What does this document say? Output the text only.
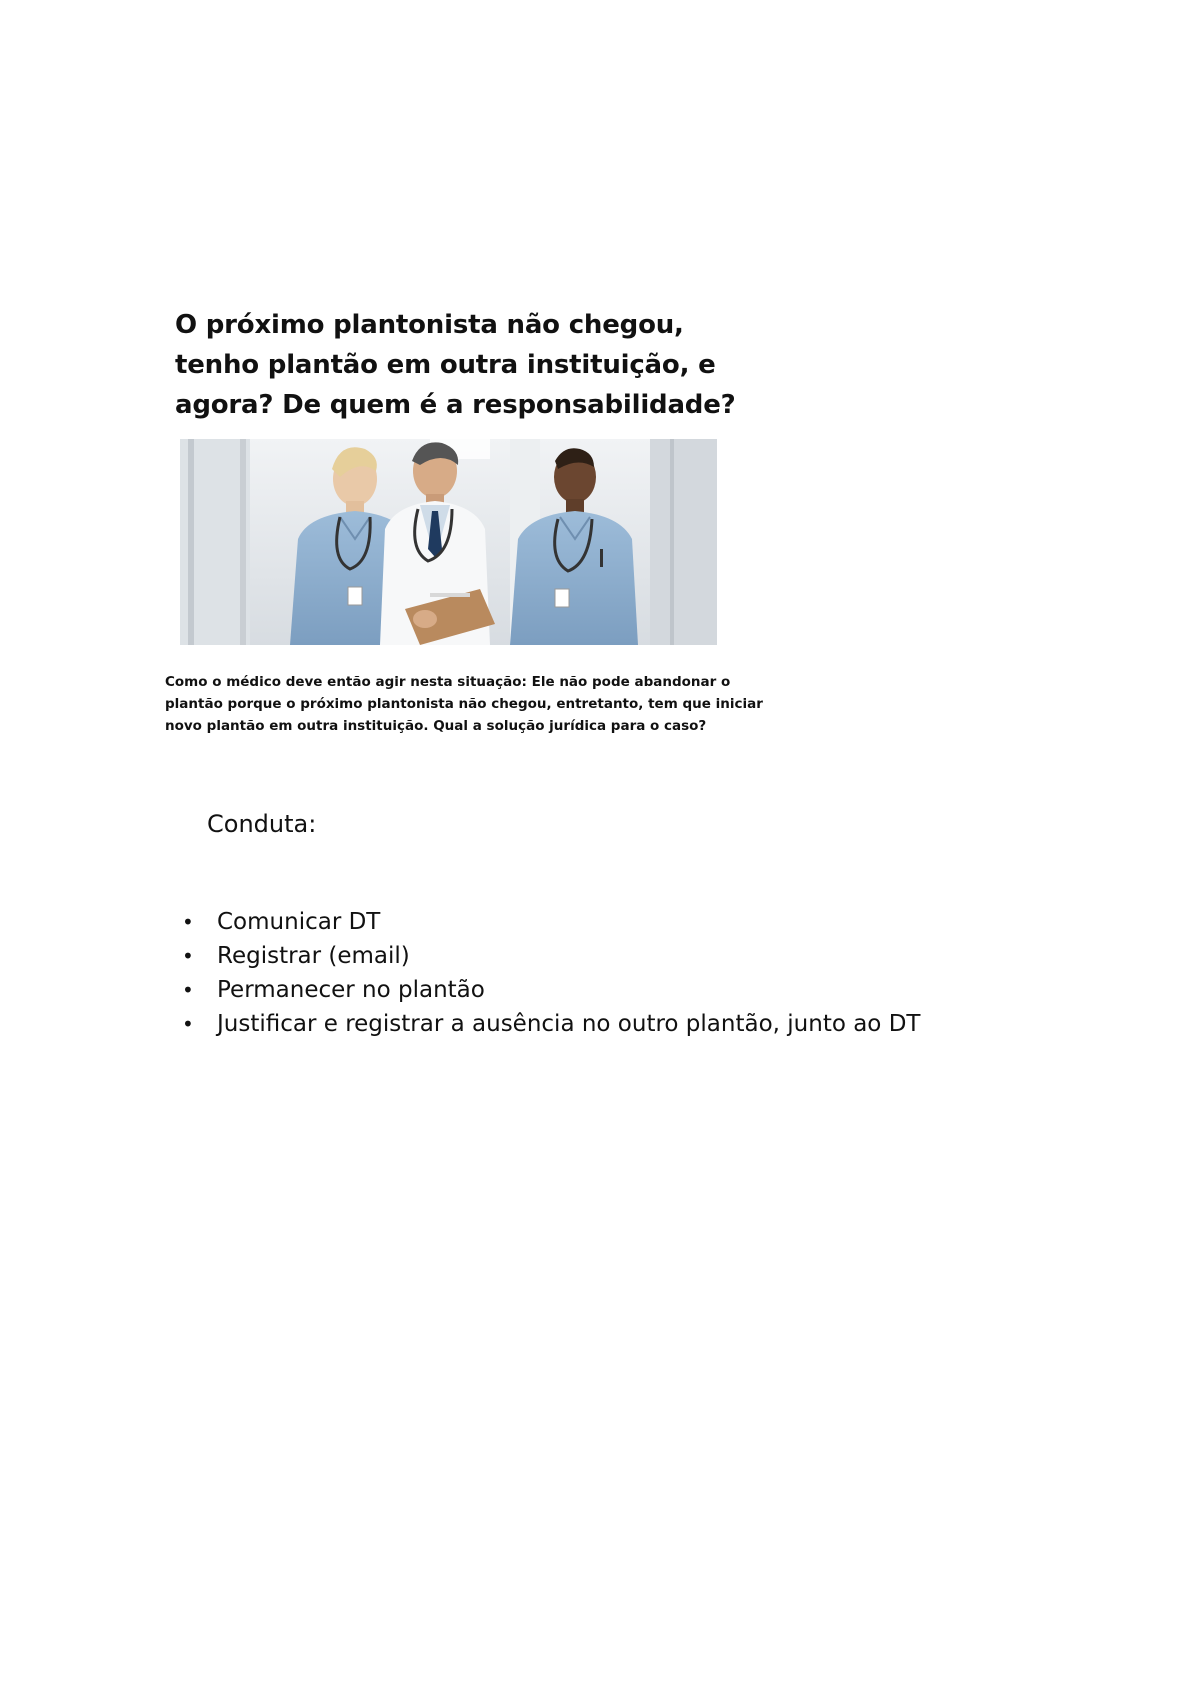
O próximo plantonista não chegou, tenho plantão em outra instituição, e agora? De quem é a responsabilidade?

Como o médico deve então agir nesta situação: Ele não pode abandonar o plantão porque o próximo plantonista não chegou, entretanto, tem que iniciar novo plantão em outra instituição. Qual a solução jurídica para o caso?

Conduta:

• Comunicar DT
• Registrar (email)
• Permanecer no plantão
• Justificar e registrar a ausência no outro plantão, junto ao DT
